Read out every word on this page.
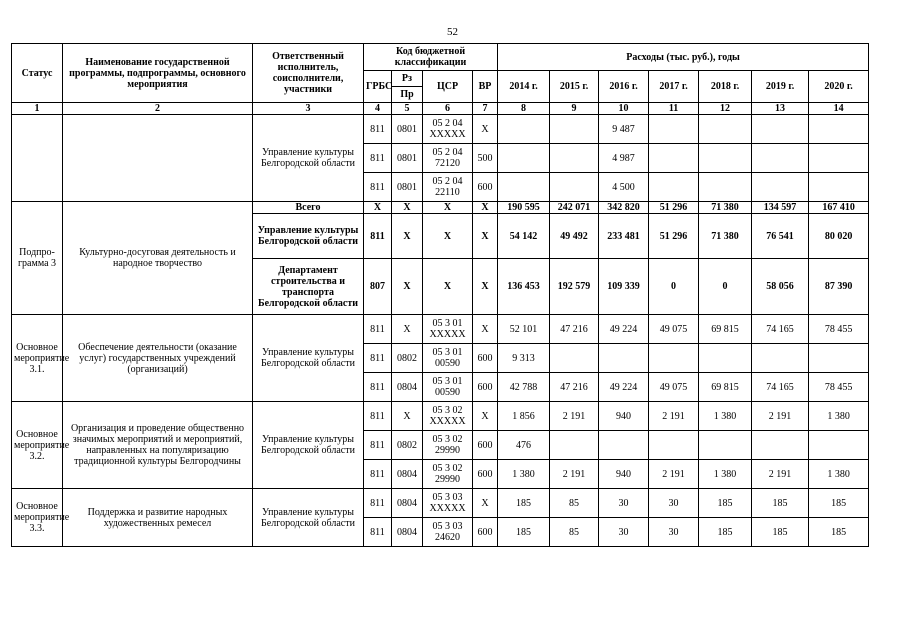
52
Статус	Наименование государственной программы, подпрограммы, основного мероприятия	Ответственный исполнитель, соисполнители, участники	Код бюджетной классификации				Расходы (тыс. руб.), годы						
			ГРБС	Рз	ЦСР	ВР	2014 г.	2015 г.	2016 г.	2017 г.	2018 г.	2019 г.	2020 г.
				Пр									
1	2	3	4	5	6	7	8	9	10	11	12	13	14
		Управление культуры Белгородской области	811	0801	05 2 04 XXXXX	X			9 487				
			811	0801	05 2 04 72120	500			4 987				
			811	0801	05 2 04 22110	600			4 500				
Подпро-грамма 3	Культурно-досуговая деятельность и народное творчество	Всего	X	X	X	X	190 595	242 071	342 820	51 296	71 380	134 597	167 410
		Управление культуры Белгородской области	811	X	X	X	54 142	49 492	233 481	51 296	71 380	76 541	80 020
		Департамент строительства и транспорта Белгородской области	807	X	X	X	136 453	192 579	109 339	0	0	58 056	87 390
Основное мероприятие 3.1.	Обеспечение деятельности (оказание услуг) государственных учреждений (организаций)	Управление культуры Белгородской области	811	X	05 3 01 XXXXX	X	52 101	47 216	49 224	49 075	69 815	74 165	78 455
			811	0802	05 3 01 00590	600	9 313						
			811	0804	05 3 01 00590	600	42 788	47 216	49 224	49 075	69 815	74 165	78 455
Основное мероприятие 3.2.	Организация и проведение общественно значимых мероприятий и мероприятий, направленных на популяризацию традиционной культуры Белгородчины	Управление культуры Белгородской области	811	X	05 3 02 XXXXX	X	1 856	2 191	940	2 191	1 380	2 191	1 380
			811	0802	05 3 02 29990	600	476						
			811	0804	05 3 02 29990	600	1 380	2 191	940	2 191	1 380	2 191	1 380
Основное мероприятие 3.3.	Поддержка и развитие народных художественных ремесел	Управление культуры Белгородской области	811	0804	05 3 03 XXXXX	X	185	85	30	30	185	185	185
			811	0804	05 3 03 24620	600	185	85	30	30	185	185	185
